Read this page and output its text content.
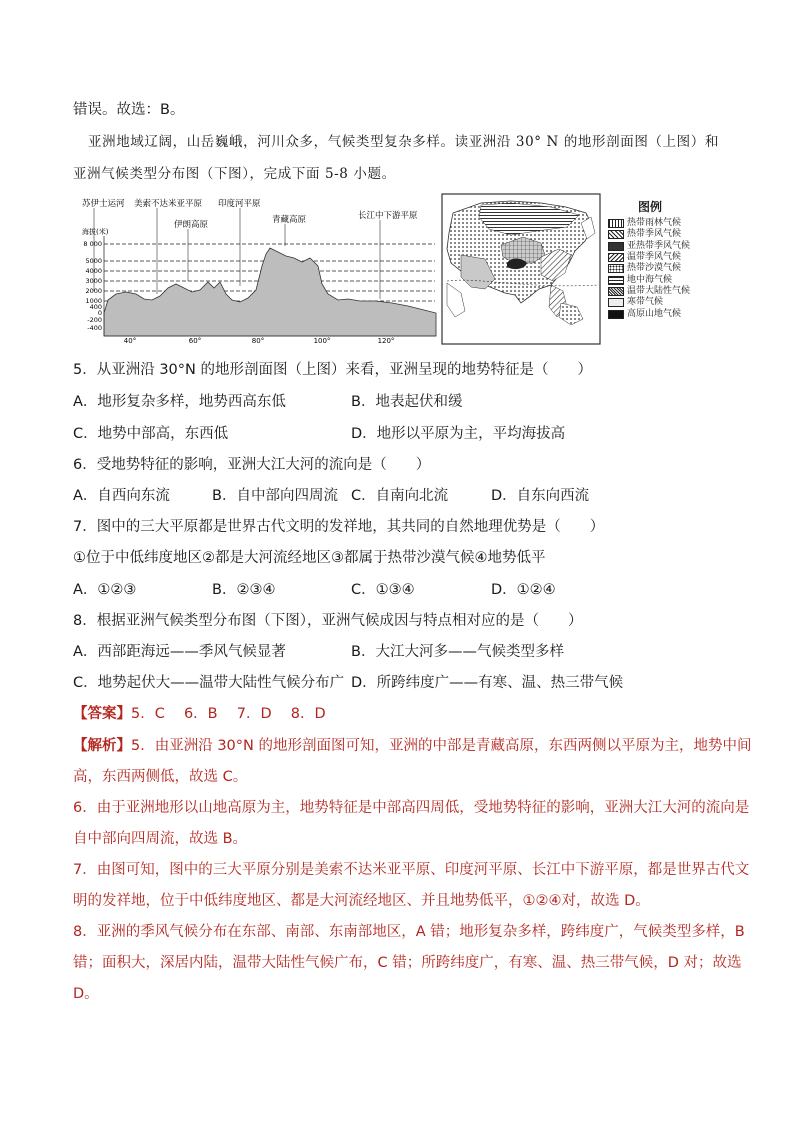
错误。故选：B。
亚洲地域辽阔，山岳巍峨，河川众多，气候类型复杂多样。读亚洲沿 30° N 的地形剖面图（上图）和
亚洲气候类型分布图（下图），完成下面 5-8 小题。
苏伊士运河 美索不达米亚平原
伊朗高原
印度河平原
青藏高原	长江中下游平原
海拔(米)
8 000
5000
4000
3000
2000
1000
400
0
-200
-400
40°	60°	80°	100°	120°
图例
热带雨林气候
热带季风气候
亚热带季风气候
温带季风气候
热带沙漠气候
地中海气候
温带大陆性气候
寒带气候
高原山地气候
5．从亚洲沿 30°N 的地形剖面图（上图）来看，亚洲呈现的地势特征是（　　）
A．地形复杂多样，地势西高东低	B．地表起伏和缓
C．地势中部高，东西低	D．地形以平原为主，平均海拔高
6．受地势特征的影响，亚洲大江大河的流向是（　　）
A．自西向东流	B．自中部向四周流 C．自南向北流	D．自东向西流
7．图中的三大平原都是世界古代文明的发祥地，其共同的自然地理优势是（　　）
①位于中低纬度地区②都是大河流经地区③都属于热带沙漠气候④地势低平
A．①②③	B．②③④	C．①③④	D．①②④
8．根据亚洲气候类型分布图（下图），亚洲气候成因与特点相对应的是（　　）
A．西部距海远——季风气候显著	B．大江大河多——气候类型多样
C．地势起伏大——温带大陆性气候分布广 D．所跨纬度广——有寒、温、热三带气候
【答案】5．C　 6．B　 7．D　 8．D
【解析】5．由亚洲沿 30°N 的地形剖面图可知，亚洲的中部是青藏高原，东西两侧以平原为主，地势中间
高，东西两侧低，故选 C。
6．由于亚洲地形以山地高原为主，地势特征是中部高四周低，受地势特征的影响，亚洲大江大河的流向是
自中部向四周流，故选 B。
7．由图可知，图中的三大平原分别是美索不达米亚平原、印度河平原、长江中下游平原，都是世界古代文
明的发祥地，位于中低纬度地区、都是大河流经地区、并且地势低平，①②④对，故选 D。
8．亚洲的季风气候分布在东部、南部、东南部地区，A 错；地形复杂多样，跨纬度广，气候类型多样，B
错；面积大，深居内陆，温带大陆性气候广布，C 错；所跨纬度广，有寒、温、热三带气候，D 对；故选
D。
